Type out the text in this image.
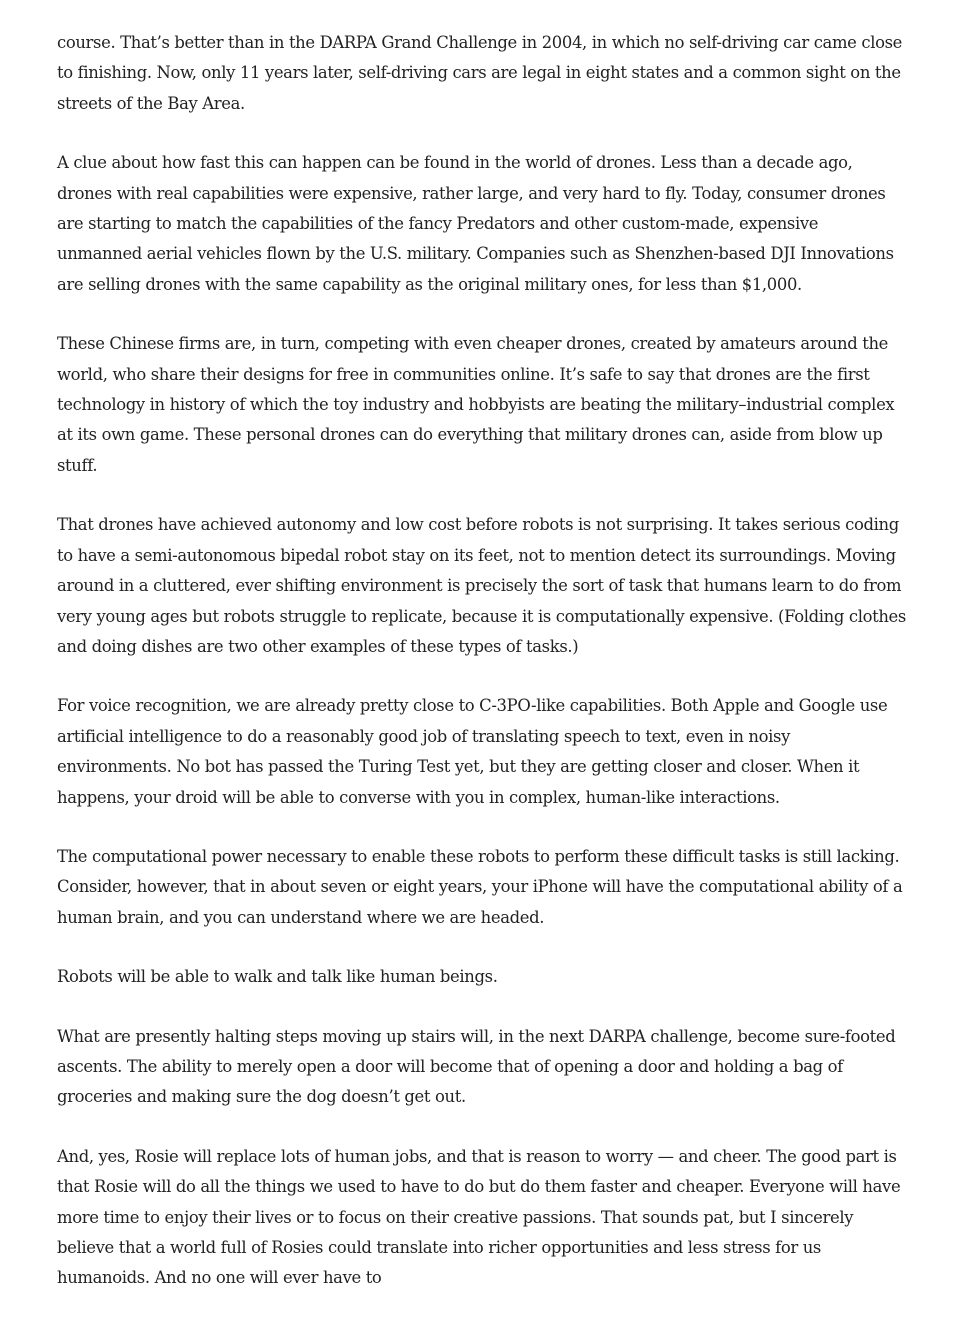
course. That’s better than in the DARPA Grand Challenge in 2004, in which no self-driving car came close to finishing. Now, only 11 years later, self-driving cars are legal in eight states and a common sight on the streets of the Bay Area.

A clue about how fast this can happen can be found in the world of drones. Less than a decade ago, drones with real capabilities were expensive, rather large, and very hard to fly. Today, consumer drones are starting to match the capabilities of the fancy Predators and other custom-made, expensive unmanned aerial vehicles flown by the U.S. military. Companies such as Shenzhen-based DJI Innovations are selling drones with the same capability as the original military ones, for less than $1,000.

These Chinese firms are, in turn, competing with even cheaper drones, created by amateurs around the world, who share their designs for free in communities online. It’s safe to say that drones are the first technology in history of which the toy industry and hobbyists are beating the military–industrial complex at its own game. These personal drones can do everything that military drones can, aside from blow up stuff.

That drones have achieved autonomy and low cost before robots is not surprising. It takes serious coding to have a semi-autonomous bipedal robot stay on its feet, not to mention detect its surroundings. Moving around in a cluttered, ever shifting environment is precisely the sort of task that humans learn to do from very young ages but robots struggle to replicate, because it is computationally expensive. (Folding clothes and doing dishes are two other examples of these types of tasks.)

For voice recognition, we are already pretty close to C-3PO-like capabilities. Both Apple and Google use artificial intelligence to do a reasonably good job of translating speech to text, even in noisy environments. No bot has passed the Turing Test yet, but they are getting closer and closer. When it happens, your droid will be able to converse with you in complex, human-like interactions.

The computational power necessary to enable these robots to perform these difficult tasks is still lacking. Consider, however, that in about seven or eight years, your iPhone will have the computational ability of a human brain, and you can understand where we are headed.

Robots will be able to walk and talk like human beings.

What are presently halting steps moving up stairs will, in the next DARPA challenge, become sure-footed ascents. The ability to merely open a door will become that of opening a door and holding a bag of groceries and making sure the dog doesn’t get out.

And, yes, Rosie will replace lots of human jobs, and that is reason to worry — and cheer. The good part is that Rosie will do all the things we used to have to do but do them faster and cheaper. Everyone will have more time to enjoy their lives or to focus on their creative passions. That sounds pat, but I sincerely believe that a world full of Rosies could translate into richer opportunities and less stress for us humanoids. And no one will ever have to
